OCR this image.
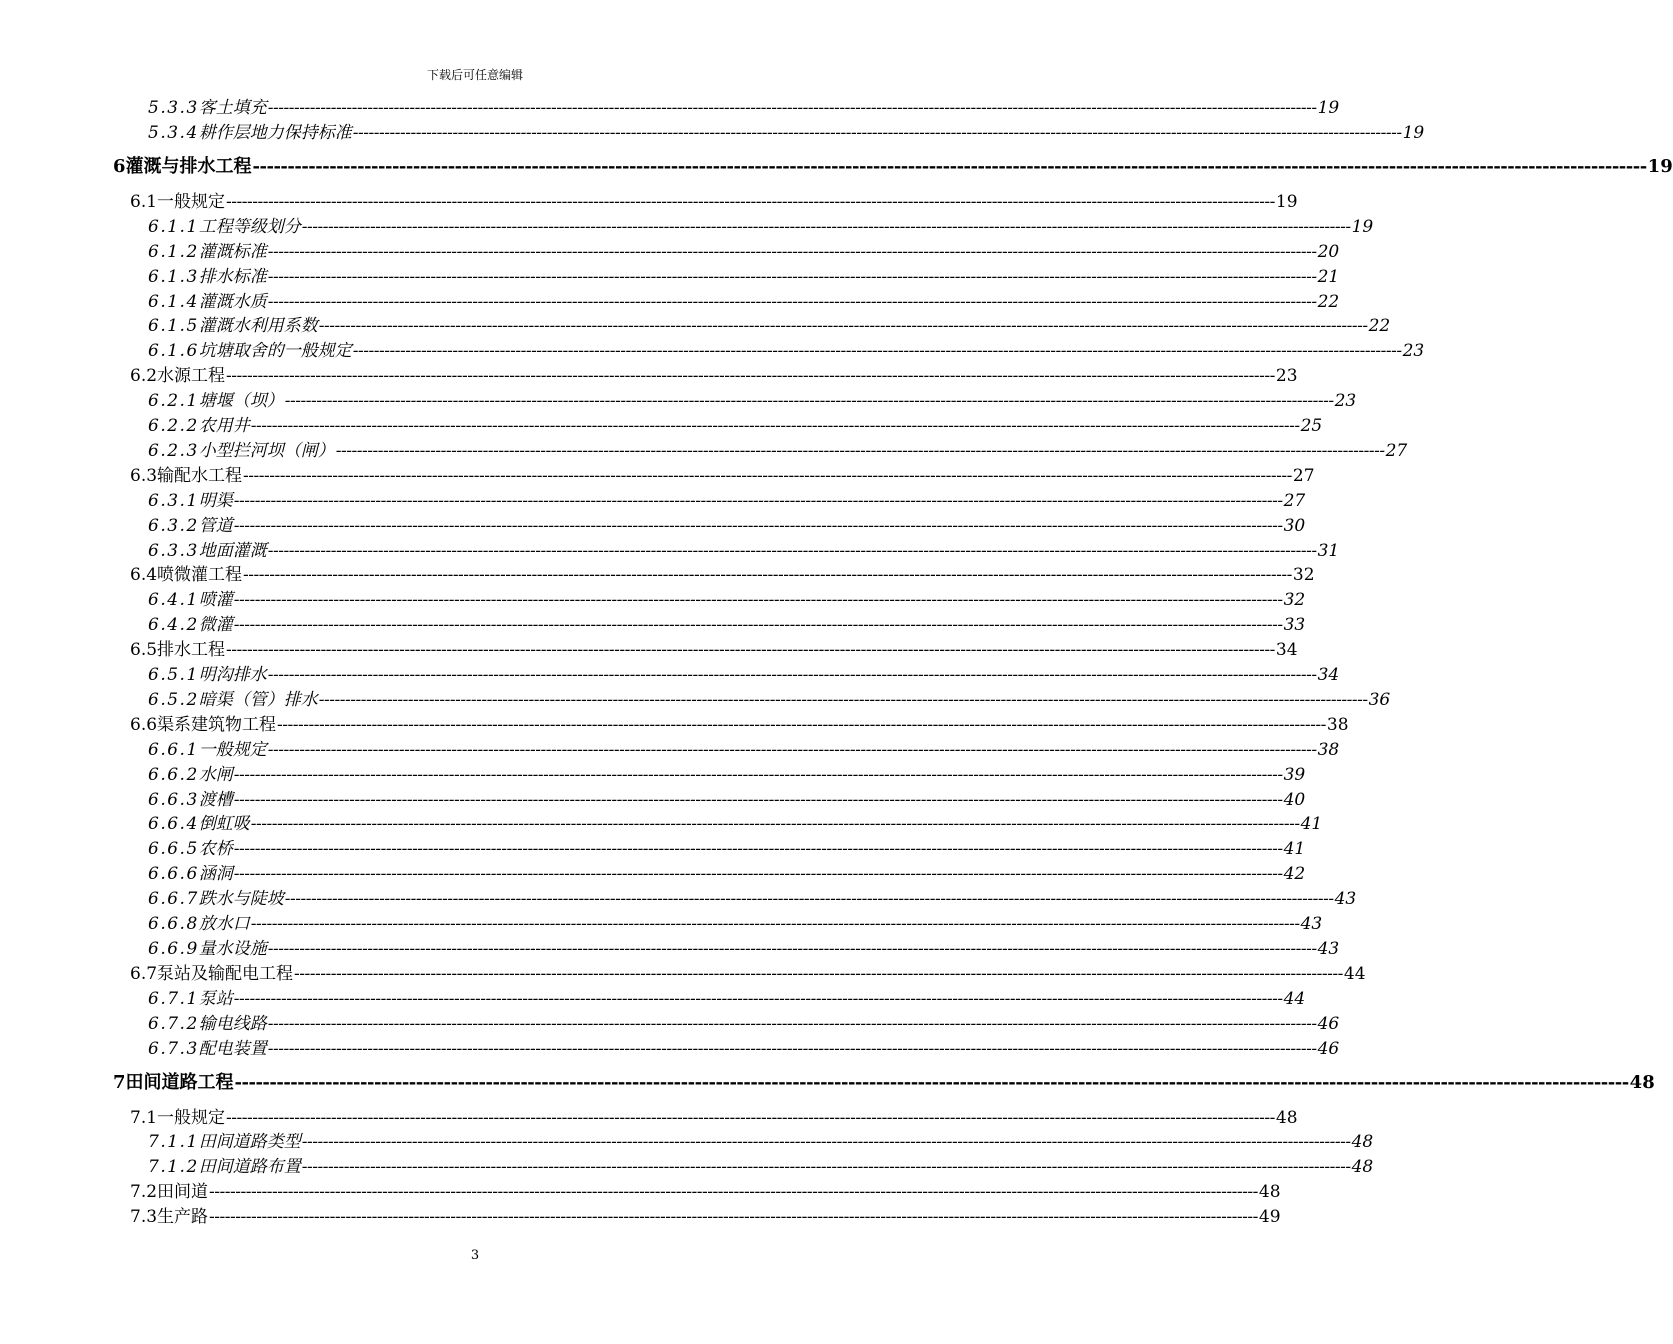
下载后可任意编辑
5.3.3 客土填充 -------------------------------------------------------------------------------------------------------------------------------------------------------------------------------------------------------- 19
5.3.4 耕作层地力保持标准 -------------------------------------------------------------------------------------------------------------------------------------------------------------------------------------------------------- 19
6 灌溉与排水工程 -------------------------------------------------------------------------------------------------------------------------------------------------------------------------------------------------------- 19
6.1 一般规定 -------------------------------------------------------------------------------------------------------------------------------------------------------------------------------------------------------- 19
6.1.1 工程等级划分 -------------------------------------------------------------------------------------------------------------------------------------------------------------------------------------------------------- 19
6.1.2 灌溉标准 -------------------------------------------------------------------------------------------------------------------------------------------------------------------------------------------------------- 20
6.1.3 排水标准 -------------------------------------------------------------------------------------------------------------------------------------------------------------------------------------------------------- 21
6.1.4 灌溉水质 -------------------------------------------------------------------------------------------------------------------------------------------------------------------------------------------------------- 22
6.1.5 灌溉水利用系数 -------------------------------------------------------------------------------------------------------------------------------------------------------------------------------------------------------- 22
6.1.6 坑塘取舍的一般规定 -------------------------------------------------------------------------------------------------------------------------------------------------------------------------------------------------------- 23
6.2 水源工程 -------------------------------------------------------------------------------------------------------------------------------------------------------------------------------------------------------- 23
6.2.1 塘堰（坝） -------------------------------------------------------------------------------------------------------------------------------------------------------------------------------------------------------- 23
6.2.2 农用井 -------------------------------------------------------------------------------------------------------------------------------------------------------------------------------------------------------- 25
6.2.3 小型拦河坝（闸） -------------------------------------------------------------------------------------------------------------------------------------------------------------------------------------------------------- 27
6.3 输配水工程 -------------------------------------------------------------------------------------------------------------------------------------------------------------------------------------------------------- 27
6.3.1 明渠 -------------------------------------------------------------------------------------------------------------------------------------------------------------------------------------------------------- 27
6.3.2 管道 -------------------------------------------------------------------------------------------------------------------------------------------------------------------------------------------------------- 30
6.3.3 地面灌溉 -------------------------------------------------------------------------------------------------------------------------------------------------------------------------------------------------------- 31
6.4 喷微灌工程 -------------------------------------------------------------------------------------------------------------------------------------------------------------------------------------------------------- 32
6.4.1 喷灌 -------------------------------------------------------------------------------------------------------------------------------------------------------------------------------------------------------- 32
6.4.2 微灌 -------------------------------------------------------------------------------------------------------------------------------------------------------------------------------------------------------- 33
6.5 排水工程 -------------------------------------------------------------------------------------------------------------------------------------------------------------------------------------------------------- 34
6.5.1 明沟排水 -------------------------------------------------------------------------------------------------------------------------------------------------------------------------------------------------------- 34
6.5.2 暗渠（管）排水 -------------------------------------------------------------------------------------------------------------------------------------------------------------------------------------------------------- 36
6.6 渠系建筑物工程 -------------------------------------------------------------------------------------------------------------------------------------------------------------------------------------------------------- 38
6.6.1 一般规定 -------------------------------------------------------------------------------------------------------------------------------------------------------------------------------------------------------- 38
6.6.2 水闸 -------------------------------------------------------------------------------------------------------------------------------------------------------------------------------------------------------- 39
6.6.3 渡槽 -------------------------------------------------------------------------------------------------------------------------------------------------------------------------------------------------------- 40
6.6.4 倒虹吸 -------------------------------------------------------------------------------------------------------------------------------------------------------------------------------------------------------- 41
6.6.5 农桥 -------------------------------------------------------------------------------------------------------------------------------------------------------------------------------------------------------- 41
6.6.6 涵洞 -------------------------------------------------------------------------------------------------------------------------------------------------------------------------------------------------------- 42
6.6.7 跌水与陡坡 -------------------------------------------------------------------------------------------------------------------------------------------------------------------------------------------------------- 43
6.6.8 放水口 -------------------------------------------------------------------------------------------------------------------------------------------------------------------------------------------------------- 43
6.6.9 量水设施 -------------------------------------------------------------------------------------------------------------------------------------------------------------------------------------------------------- 43
6.7 泵站及输配电工程 -------------------------------------------------------------------------------------------------------------------------------------------------------------------------------------------------------- 44
6.7.1 泵站 -------------------------------------------------------------------------------------------------------------------------------------------------------------------------------------------------------- 44
6.7.2 输电线路 -------------------------------------------------------------------------------------------------------------------------------------------------------------------------------------------------------- 46
6.7.3 配电装置 -------------------------------------------------------------------------------------------------------------------------------------------------------------------------------------------------------- 46
7 田间道路工程 -------------------------------------------------------------------------------------------------------------------------------------------------------------------------------------------------------- 48
7.1 一般规定 -------------------------------------------------------------------------------------------------------------------------------------------------------------------------------------------------------- 48
7.1.1 田间道路类型 -------------------------------------------------------------------------------------------------------------------------------------------------------------------------------------------------------- 48
7.1.2 田间道路布置 -------------------------------------------------------------------------------------------------------------------------------------------------------------------------------------------------------- 48
7.2 田间道 -------------------------------------------------------------------------------------------------------------------------------------------------------------------------------------------------------- 48
7.3 生产路 -------------------------------------------------------------------------------------------------------------------------------------------------------------------------------------------------------- 49
3
